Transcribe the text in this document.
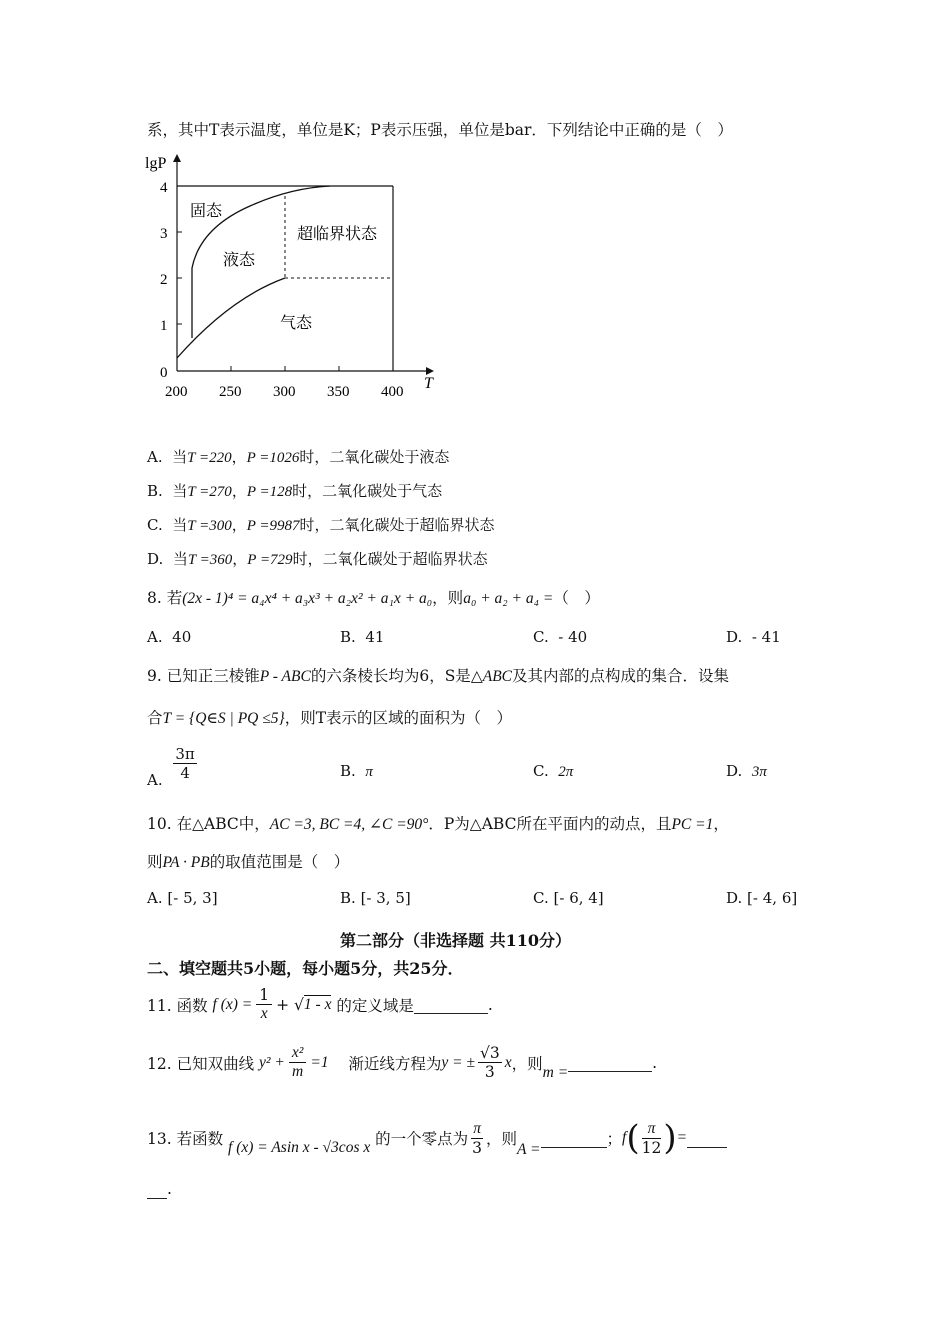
系，其中T表示温度，单位是K；P表示压强，单位是bar．下列结论中正确的是（　）
lgP
T
0
1
2
3
4
200 250 300 350 400
固态
液态
超临界状态
气态
A. 当T =220，P =1026时，二氧化碳处于液态
B. 当T =270，P =128时，二氧化碳处于气态
C. 当T =300，P =9987时，二氧化碳处于超临界状态
D. 当T =360，P =729时，二氧化碳处于超临界状态
8. 若(2x - 1)⁴ = a₄x⁴ + a₃x³ + a₂x² + a₁x + a₀，则a₀ + a₂ + a₄ =（　）
A. 40	B. 41	C. - 40	D. - 41
9. 已知正三棱锥P - ABC的六条棱长均为6，S是△ABC及其内部的点构成的集合．设集
合T = {Q∈S | PQ ≤5}，则T表示的区域的面积为（　）
A. $\frac{3\pi}{4}$	B. π	C. 2π	D. 3π
10. 在△ABC中，AC =3, BC =4, ∠C =90°．P为△ABC所在平面内的动点，且PC =1，
则PA · PB的取值范围是（　）
A. [- 5, 3]	B. [- 3, 5]	C. [- 6, 4]	D. [- 4, 6]
第二部分（非选择题 共110分）
二、填空题共5小题，每小题5分，共25分．
11. 函数
f $(x) = \frac{1}{x}$ + √ 1 - x
的定义域是
	.
12. 已知双曲线
$y^2 + \frac{\text{x²}}{m} =1$
渐近线方程为 y = ± $\frac{√3}{3}$ x ，则 m =

.
13. 若函数
f (x) = Asin x - √3cos x
的一个零点为
π
3 ，则
A =

； f ( π
12 ) =

.
